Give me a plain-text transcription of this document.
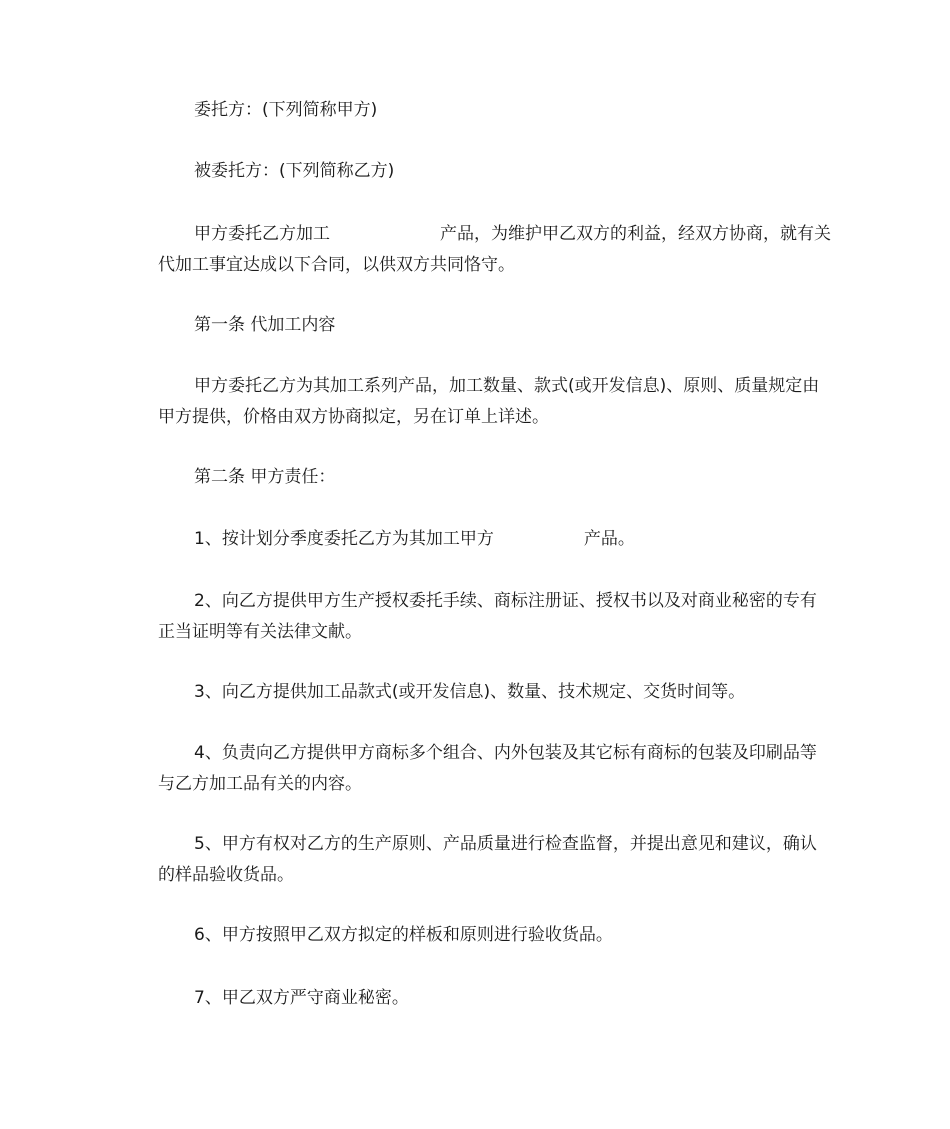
委托方：(下列简称甲方)
被委托方：(下列简称乙方)
甲方委托乙方加工	产品，为维护甲乙双方的利益，经双方协商，就有关
代加工事宜达成以下合同，以供双方共同恪守。
第一条 代加工内容
甲方委托乙方为其加工系列产品，加工数量、款式(或开发信息)、原则、质量规定由
甲方提供，价格由双方协商拟定，另在订单上详述。
第二条 甲方责任：
1、按计划分季度委托乙方为其加工甲方	产品。
2、向乙方提供甲方生产授权委托手续、商标注册证、授权书以及对商业秘密的专有
正当证明等有关法律文献。
3、向乙方提供加工品款式(或开发信息)、数量、技术规定、交货时间等。
4、负责向乙方提供甲方商标多个组合、内外包装及其它标有商标的包装及印刷品等
与乙方加工品有关的内容。
5、甲方有权对乙方的生产原则、产品质量进行检查监督，并提出意见和建议，确认
的样品验收货品。
6、甲方按照甲乙双方拟定的样板和原则进行验收货品。
7、甲乙双方严守商业秘密。
